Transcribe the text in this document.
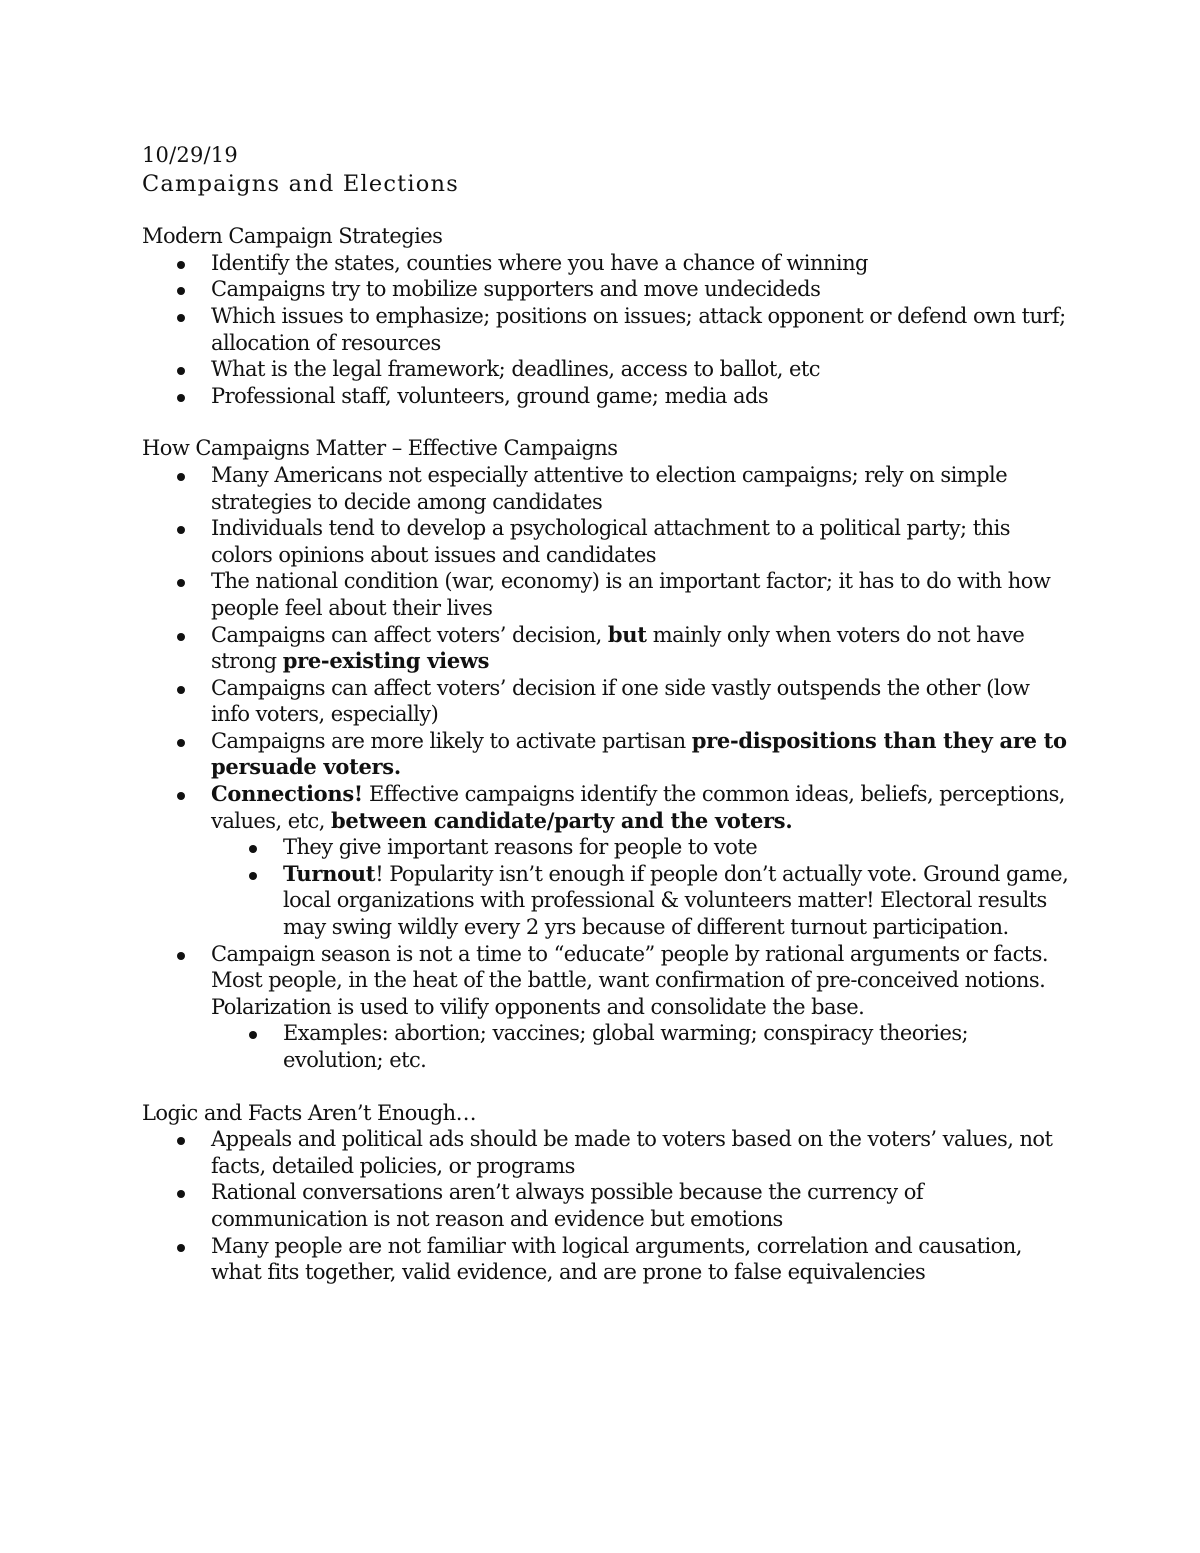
10/29/19

Campaigns and Elections

Modern Campaign Strategies

Identify the states, counties where you have a chance of winning
Campaigns try to mobilize supporters and move undecideds
Which issues to emphasize; positions on issues; attack opponent or defend own turf; allocation of resources
What is the legal framework; deadlines, access to ballot, etc
Professional staff, volunteers, ground game; media ads

How Campaigns Matter – Effective Campaigns

Many Americans not especially attentive to election campaigns; rely on simple strategies to decide among candidates
Individuals tend to develop a psychological attachment to a political party; this colors opinions about issues and candidates
The national condition (war, economy) is an important factor; it has to do with how people feel about their lives
Campaigns can affect voters’ decision, but mainly only when voters do not have strong pre-existing views
Campaigns can affect voters’ decision if one side vastly outspends the other (low info voters, especially)
Campaigns are more likely to activate partisan pre-dispositions than they are to persuade voters.
Connections! Effective campaigns identify the common ideas, beliefs, perceptions, values, etc, between candidate/party and the voters.
They give important reasons for people to vote
Turnout! Popularity isn’t enough if people don’t actually vote. Ground game, local organizations with professional & volunteers matter! Electoral results may swing wildly every 2 yrs because of different turnout participation.
Campaign season is not a time to “educate” people by rational arguments or facts. Most people, in the heat of the battle, want confirmation of pre-conceived notions. Polarization is used to vilify opponents and consolidate the base.
Examples: abortion; vaccines; global warming; conspiracy theories; evolution; etc.

Logic and Facts Aren’t Enough…

Appeals and political ads should be made to voters based on the voters’ values, not facts, detailed policies, or programs
Rational conversations aren’t always possible because the currency of communication is not reason and evidence but emotions
Many people are not familiar with logical arguments, correlation and causation, what fits together, valid evidence, and are prone to false equivalencies
